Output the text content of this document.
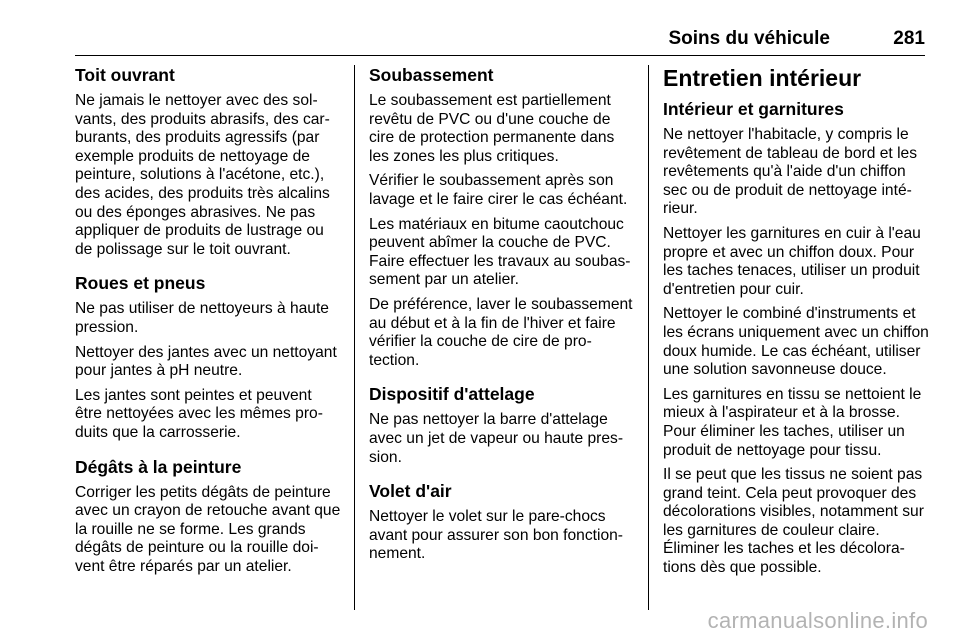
Soins du véhicule	281
Toit ouvrant

Ne jamais le nettoyer avec des solvants, des produits abrasifs, des carburants, des produits agressifs (par exemple produits de nettoyage de peinture, solutions à l'acétone, etc.), des acides, des produits très alcalins ou des éponges abrasives. Ne pas appliquer de produits de lustrage ou de polissage sur le toit ouvrant.

Roues et pneus

Ne pas utiliser de nettoyeurs à haute pression.

Nettoyer des jantes avec un nettoyant pour jantes à pH neutre.

Les jantes sont peintes et peuvent être nettoyées avec les mêmes produits que la carrosserie.

Dégâts à la peinture

Corriger les petits dégâts de peinture avec un crayon de retouche avant que la rouille ne se forme. Les grands dégâts de peinture ou la rouille doivent être réparés par un atelier.

Soubassement

Le soubassement est partiellement revêtu de PVC ou d'une couche de cire de protection permanente dans les zones les plus critiques.

Vérifier le soubassement après son lavage et le faire cirer le cas échéant.

Les matériaux en bitume caoutchouc peuvent abîmer la couche de PVC. Faire effectuer les travaux au soubassement par un atelier.

De préférence, laver le soubassement au début et à la fin de l'hiver et faire vérifier la couche de cire de protection.

Dispositif d'attelage

Ne pas nettoyer la barre d'attelage avec un jet de vapeur ou haute pression.

Volet d'air

Nettoyer le volet sur le pare-chocs avant pour assurer son bon fonctionnement.

Entretien intérieur
Intérieur et garnitures

Ne nettoyer l'habitacle, y compris le revêtement de tableau de bord et les revêtements qu'à l'aide d'un chiffon sec ou de produit de nettoyage intérieur.

Nettoyer les garnitures en cuir à l'eau propre et avec un chiffon doux. Pour les taches tenaces, utiliser un produit d'entretien pour cuir.

Nettoyer le combiné d'instruments et les écrans uniquement avec un chiffon doux humide. Le cas échéant, utiliser une solution savonneuse douce.

Les garnitures en tissu se nettoient le mieux à l'aspirateur et à la brosse. Pour éliminer les taches, utiliser un produit de nettoyage pour tissu.

Il se peut que les tissus ne soient pas grand teint. Cela peut provoquer des décolorations visibles, notamment sur les garnitures de couleur claire. Éliminer les taches et les décolorations dès que possible.

carmanualsonline.info
